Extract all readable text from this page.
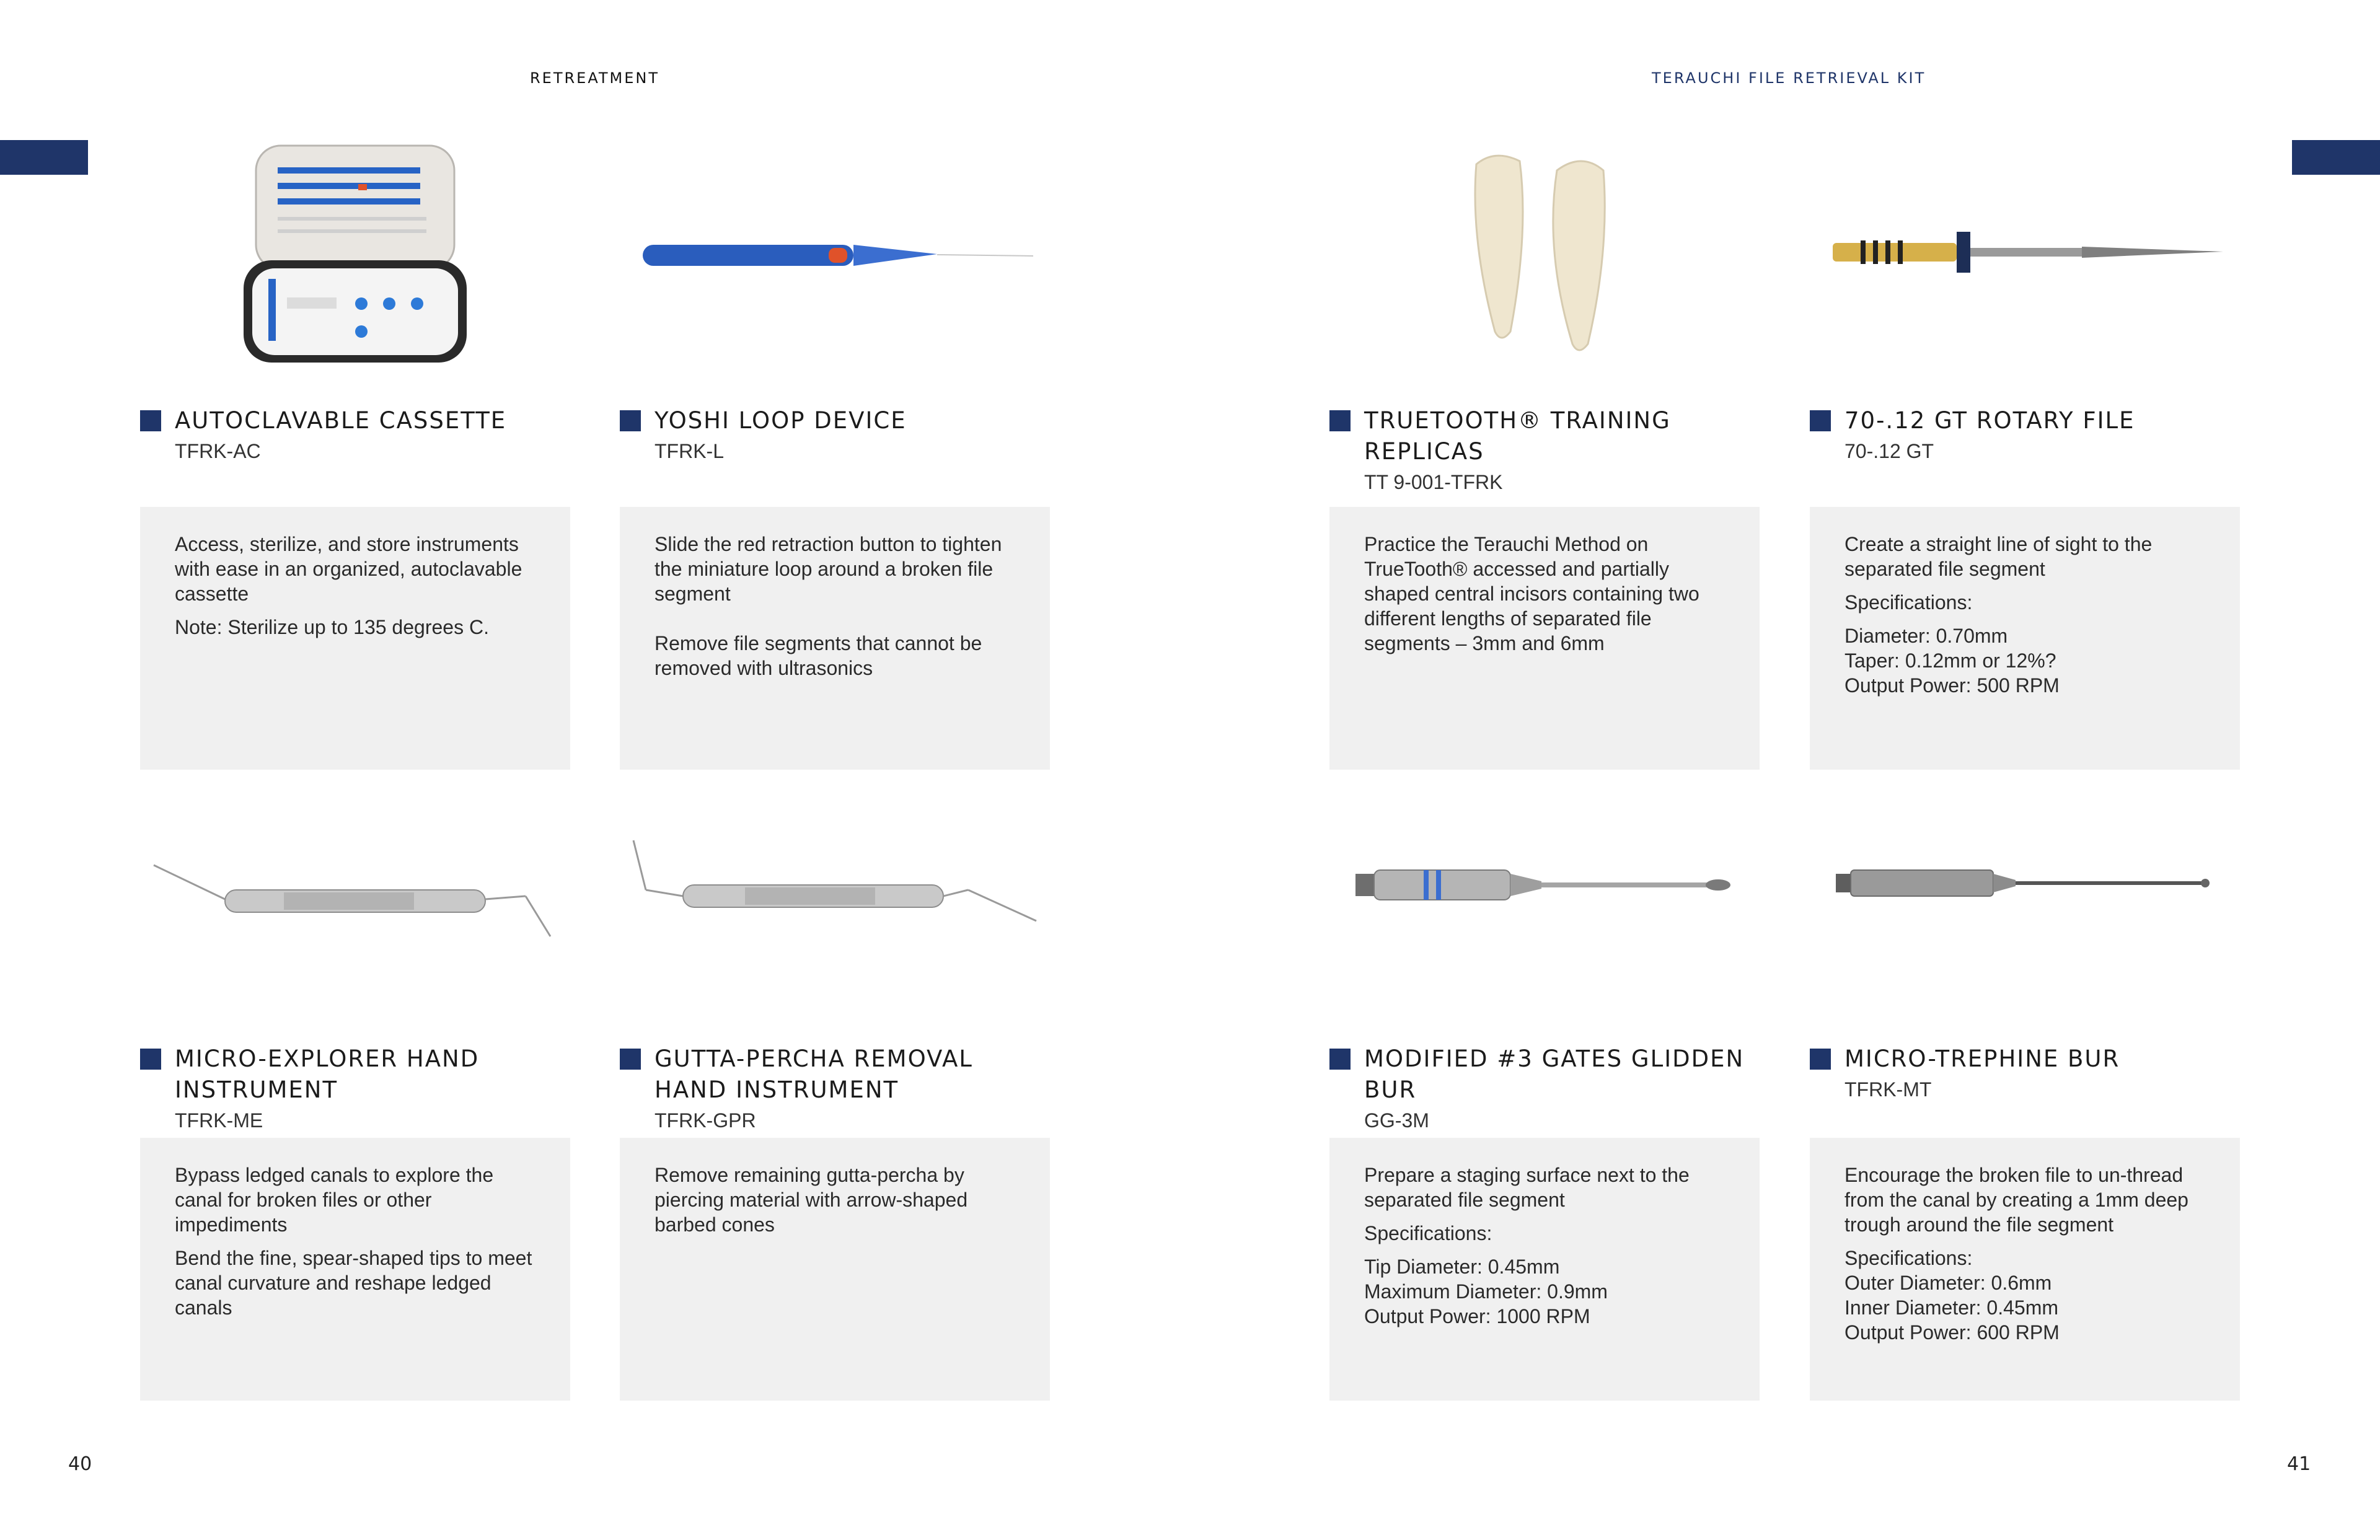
RETREATMENT	TERAUCHI FILE RETRIEVAL KIT
AUTOCLAVABLE CASSETTE
TFRK-AC

Access, sterilize, and store instruments with ease in an organized, autoclavable cassette

Note: Sterilize up to 135 degrees C.

YOSHI LOOP DEVICE
TFRK-L

Slide the red retraction button to tighten the miniature loop around a broken file segment

Remove file segments that cannot be removed with ultrasonics

TRUETOOTH® TRAINING REPLICAS
TT 9-001-TFRK

Practice the Terauchi Method on TrueTooth® accessed and partially shaped central incisors containing two different lengths of separated file segments – 3mm and 6mm

70-.12 GT ROTARY FILE
70-.12 GT

Create a straight line of sight to the separated file segment

Specifications:

Diameter: 0.70mm
Taper: 0.12mm or 12%?
Output Power: 500 RPM

MICRO-EXPLORER HAND INSTRUMENT
TFRK-ME

Bypass ledged canals to explore the canal for broken files or other impediments

Bend the fine, spear-shaped tips to meet canal curvature and reshape ledged canals

GUTTA-PERCHA REMOVAL HAND INSTRUMENT
TFRK-GPR

Remove remaining gutta-percha by piercing material with arrow-shaped barbed cones

MODIFIED #3 GATES GLIDDEN BUR
GG-3M

Prepare a staging surface next to the separated file segment

Specifications:

Tip Diameter: 0.45mm
Maximum Diameter: 0.9mm
Output Power: 1000 RPM

MICRO-TREPHINE BUR
TFRK-MT

Encourage the broken file to un-thread from the canal by creating a 1mm deep trough around the file segment

Specifications:
Outer Diameter: 0.6mm
Inner Diameter: 0.45mm
Output Power: 600 RPM

40	41
